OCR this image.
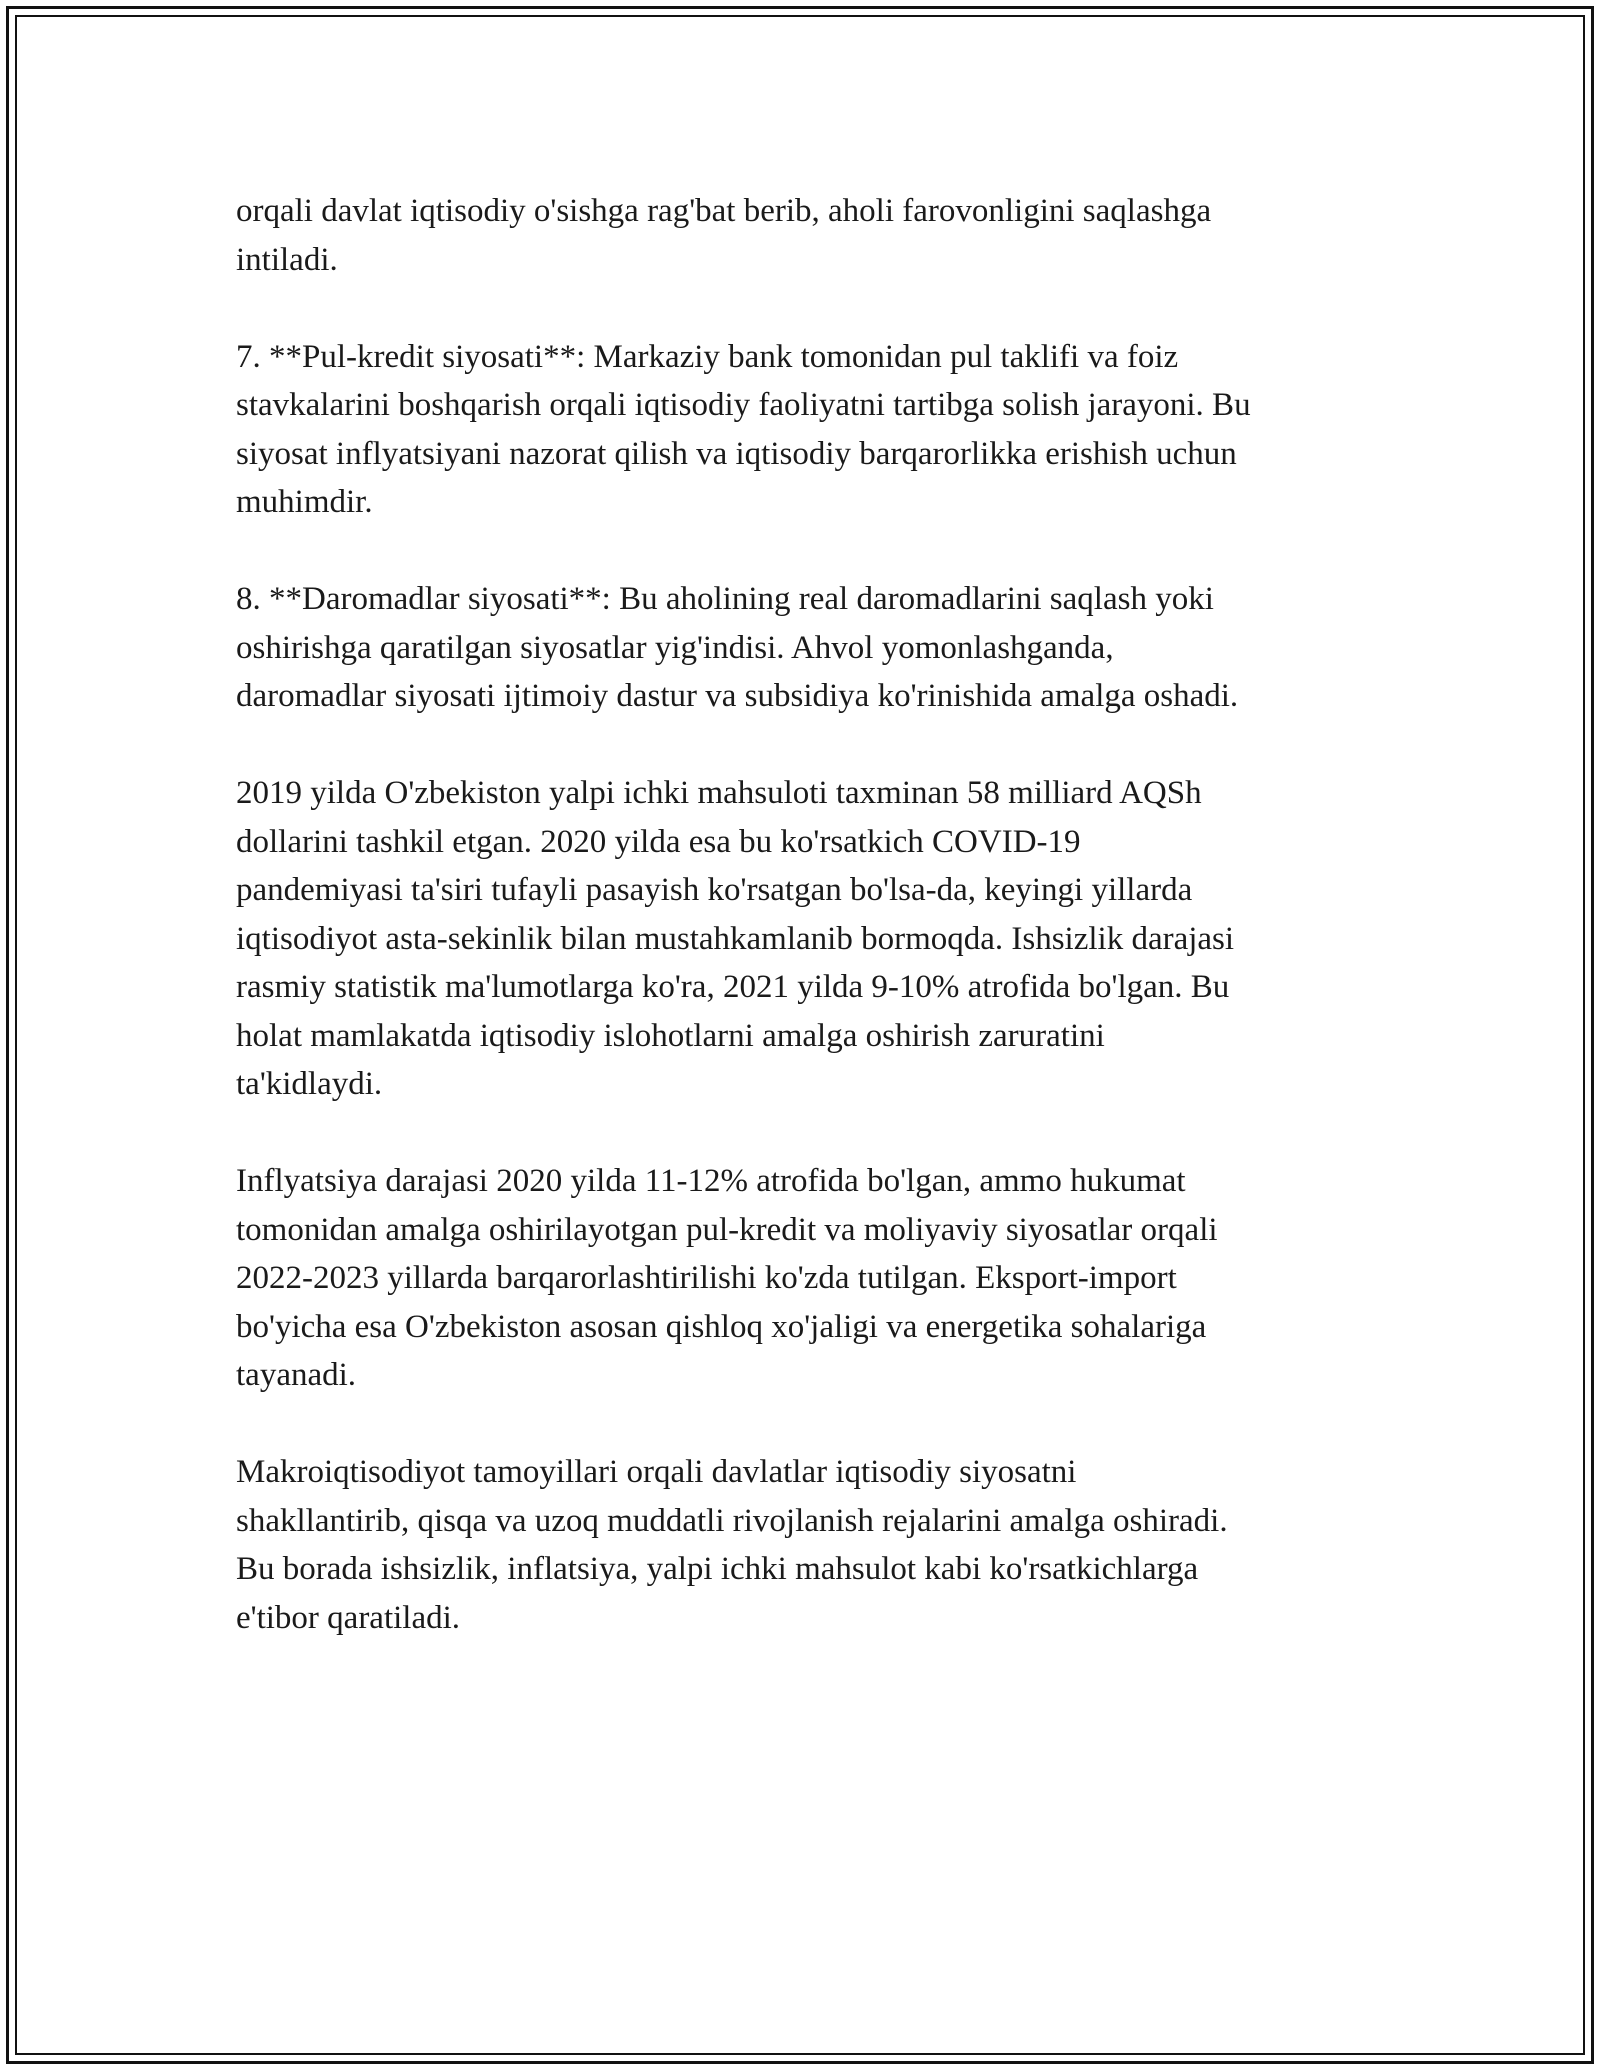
orqali davlat iqtisodiy o'sishga rag'bat berib, aholi farovonligini saqlashga
intiladi.

7. **Pul-kredit siyosati**: Markaziy bank tomonidan pul taklifi va foiz
stavkalarini boshqarish orqali iqtisodiy faoliyatni tartibga solish jarayoni. Bu
siyosat inflyatsiyani nazorat qilish va iqtisodiy barqarorlikka erishish uchun
muhimdir.

8. **Daromadlar siyosati**: Bu aholining real daromadlarini saqlash yoki
oshirishga qaratilgan siyosatlar yig'indisi. Ahvol yomonlashganda,
daromadlar siyosati ijtimoiy dastur va subsidiya ko'rinishida amalga oshadi.

2019 yilda O'zbekiston yalpi ichki mahsuloti taxminan 58 milliard AQSh
dollarini tashkil etgan. 2020 yilda esa bu ko'rsatkich COVID-19
pandemiyasi ta'siri tufayli pasayish ko'rsatgan bo'lsa-da, keyingi yillarda
iqtisodiyot asta-sekinlik bilan mustahkamlanib bormoqda. Ishsizlik darajasi
rasmiy statistik ma'lumotlarga ko'ra, 2021 yilda 9-10% atrofida bo'lgan. Bu
holat mamlakatda iqtisodiy islohotlarni amalga oshirish zaruratini
ta'kidlaydi.

Inflyatsiya darajasi 2020 yilda 11-12% atrofida bo'lgan, ammo hukumat
tomonidan amalga oshirilayotgan pul-kredit va moliyaviy siyosatlar orqali
2022-2023 yillarda barqarorlashtirilishi ko'zda tutilgan. Eksport-import
bo'yicha esa O'zbekiston asosan qishloq xo'jaligi va energetika sohalariga
tayanadi.

Makroiqtisodiyot tamoyillari orqali davlatlar iqtisodiy siyosatni
shakllantirib, qisqa va uzoq muddatli rivojlanish rejalarini amalga oshiradi.
Bu borada ishsizlik, inflatsiya, yalpi ichki mahsulot kabi ko'rsatkichlarga
e'tibor qaratiladi.
